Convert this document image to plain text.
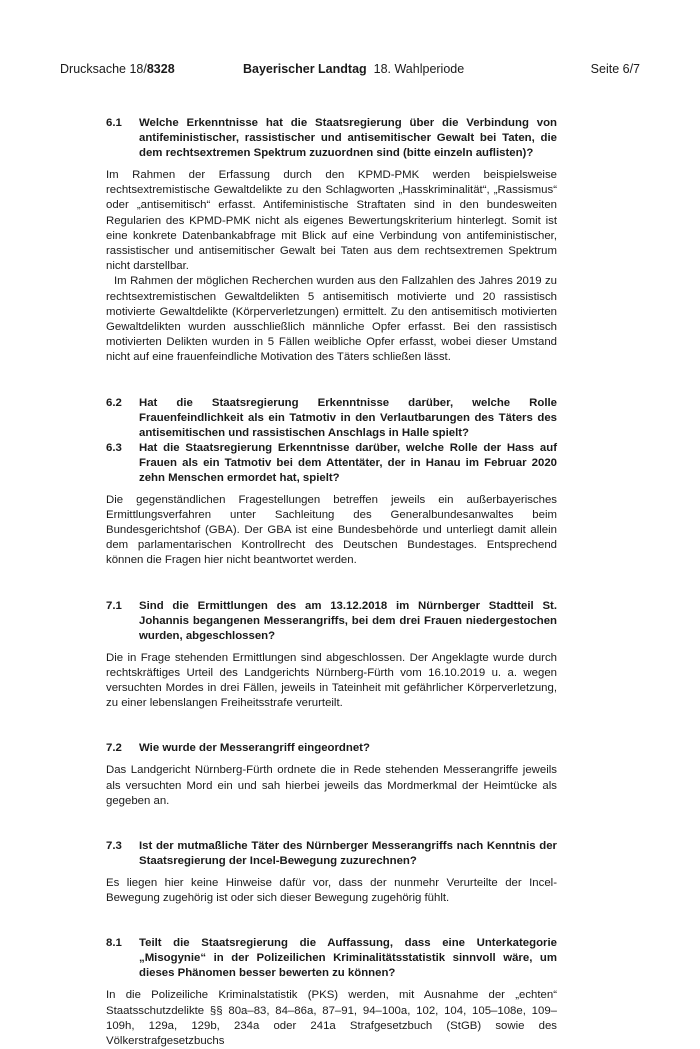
Drucksache 18/8328	Bayerischer Landtag 18. Wahlperiode	Seite 6/7
6.1 Welche Erkenntnisse hat die Staatsregierung über die Verbindung von antifeministischer, rassistischer und antisemitischer Gewalt bei Taten, die dem rechtsextremen Spektrum zuzuordnen sind (bitte einzeln auflisten)?

Im Rahmen der Erfassung durch den KPMD-PMK werden beispielsweise rechtsextremistische Gewaltdelikte zu den Schlagworten „Hasskriminalität“, „Rassismus“ oder „antisemitisch“ erfasst. Antifeministische Straftaten sind in den bundesweiten Regularien des KPMD-PMK nicht als eigenes Bewertungskriterium hinterlegt. Somit ist eine konkrete Datenbankabfrage mit Blick auf eine Verbindung von antifeministischer, rassistischer und antisemitischer Gewalt bei Taten aus dem rechtsextremen Spektrum nicht darstellbar.

Im Rahmen der möglichen Recherchen wurden aus den Fallzahlen des Jahres 2019 zu rechtsextremistischen Gewaltdelikten 5 antisemitisch motivierte und 20 rassistisch motivierte Gewaltdelikte (Körperverletzungen) ermittelt. Zu den antisemitisch motivierten Gewaltdelikten wurden ausschließlich männliche Opfer erfasst. Bei den rassistisch motivierten Delikten wurden in 5 Fällen weibliche Opfer erfasst, wobei dieser Umstand nicht auf eine frauenfeindliche Motivation des Täters schließen lässt.

6.2 Hat die Staatsregierung Erkenntnisse darüber, welche Rolle Frauenfeindlichkeit als ein Tatmotiv in den Verlautbarungen des Täters des antisemitischen und rassistischen Anschlags in Halle spielt?
6.3 Hat die Staatsregierung Erkenntnisse darüber, welche Rolle der Hass auf Frauen als ein Tatmotiv bei dem Attentäter, der in Hanau im Februar 2020 zehn Menschen ermordet hat, spielt?

Die gegenständlichen Fragestellungen betreffen jeweils ein außerbayerisches Ermittlungsverfahren unter Sachleitung des Generalbundesanwaltes beim Bundesgerichtshof (GBA). Der GBA ist eine Bundesbehörde und unterliegt damit allein dem parlamentarischen Kontrollrecht des Deutschen Bundestages. Entsprechend können die Fragen hier nicht beantwortet werden.

7.1 Sind die Ermittlungen des am 13.12.2018 im Nürnberger Stadtteil St. Johannis begangenen Messerangriffs, bei dem drei Frauen niedergestochen wurden, abgeschlossen?

Die in Frage stehenden Ermittlungen sind abgeschlossen. Der Angeklagte wurde durch rechtskräftiges Urteil des Landgerichts Nürnberg-Fürth vom 16.10.2019 u. a. wegen versuchten Mordes in drei Fällen, jeweils in Tateinheit mit gefährlicher Körperverletzung, zu einer lebenslangen Freiheitsstrafe verurteilt.

7.2 Wie wurde der Messerangriff eingeordnet?

Das Landgericht Nürnberg-Fürth ordnete die in Rede stehenden Messerangriffe jeweils als versuchten Mord ein und sah hierbei jeweils das Mordmerkmal der Heimtücke als gegeben an.

7.3 Ist der mutmaßliche Täter des Nürnberger Messerangriffs nach Kenntnis der Staatsregierung der Incel-Bewegung zuzurechnen?

Es liegen hier keine Hinweise dafür vor, dass der nunmehr Verurteilte der Incel-Bewegung zugehörig ist oder sich dieser Bewegung zugehörig fühlt.

8.1 Teilt die Staatsregierung die Auffassung, dass eine Unterkategorie „Misogynie“ in der Polizeilichen Kriminalitätsstatistik sinnvoll wäre, um dieses Phänomen besser bewerten zu können?

In die Polizeiliche Kriminalstatistik (PKS) werden, mit Ausnahme der „echten“ Staatsschutzdelikte §§ 80a–83, 84–86a, 87–91, 94–100a, 102, 104, 105–108e, 109–109h, 129a, 129b, 234a oder 241a Strafgesetzbuch (StGB) sowie des Völkerstrafgesetzbuchs
